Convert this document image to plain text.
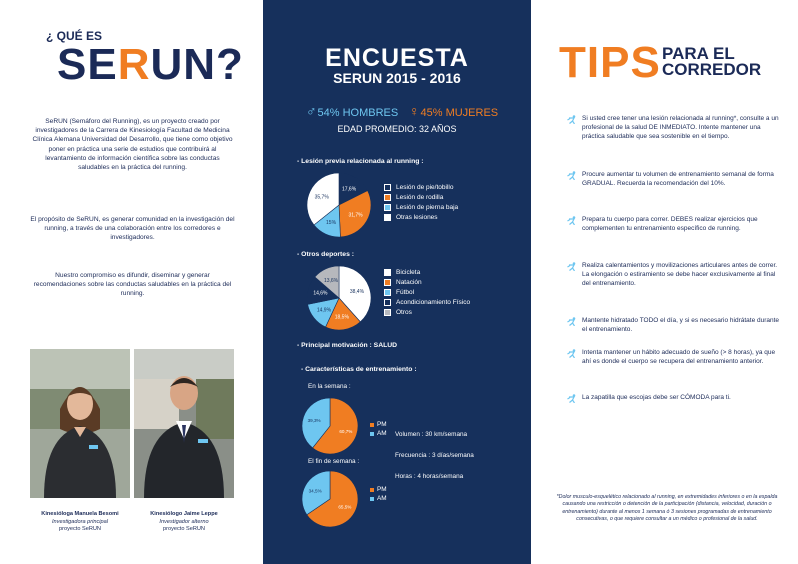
¿ QUÉ ES
SERUN?

SeRUN (Semáforo del Running), es un proyecto creado por investigadores de la Carrera de Kinesiología Facultad de Medicina Clínica Alemana Universidad del Desarrollo, que tiene como objetivo poner en práctica una serie de estudios que contribuirá al levantamiento de información científica sobre las conductas saludables en la práctica del running.

El propósito de SeRUN, es generar comunidad en la investigación del running, a través de una colaboración entre los corredores e investigadores.

Nuestro compromiso es difundir, diseminar y generar recomendaciones sobre las conductas saludables en la práctica del running.

Kinesióloga Manuela Besomi
Investigadora principal
proyecto SeRUN
Kinesiólogo Jaime Leppe
Investigador alterno
proyecto SeRUN
ENCUESTA
SERUN 2015 - 2016
♂54% HOMBRES ♀45% MUJERES
EDAD PROMEDIO: 32 AÑOS
- Lesión previa relacionada al running :
17,6%
31,7%
15%
35,7%
Lesión de pie/tobillo
Lesión de rodilla
Lesión de pierna baja
Otras lesiones
- Otros deportes :
38,4%
18,5%
14,9%
14,6%
13,6%
Bicicleta
Natación
Fútbol
Acondicionamiento Físico
Otros
- Principal motivación : SALUD
- Características de entrenamiento :
En la semana :
60,7%
39,3%
PM
AM Volumen : 30 km/semana
Frecuencia : 3 días/semana
Horas : 4 horas/semana
El fin de semana :
65,5%
34,5%	PM
AM
TIPS PARA EL
CORREDOR
Si usted cree tener una lesión relacionada al running*, consulte a un profesional de la salud DE INMEDIATO. Intente mantener una práctica saludable que sea sostenible en el tiempo.
Procure aumentar tu volumen de entrenamiento semanal de forma GRADUAL. Recuerda la recomendación del 10%.
Prepara tu cuerpo para correr. DEBES realizar ejercicios que complementen tu entrenamiento específico de running.
Realiza calentamientos y movilizaciones articulares antes de correr. La elongación o estiramiento se debe hacer exclusivamente al final del entrenamiento.
Mantente hidratado TODO el día, y si es necesario hidrátate durante el entrenamiento.
Intenta mantener un hábito adecuado de sueño (> 8 horas), ya que ahí es donde el cuerpo se recupera del entrenamiento anterior.
La zapatilla que escojas debe ser CÓMODA para ti.
*Dolor musculo-esquelético relacionado al running, en extremidades inferiores o en la espalda causando una restricción o detención de la participación (distancia, velocidad, duración o entrenamiento) durante al menos 1 semana ó 3 sesiones programadas de entrenamiento consecutivas, o que requiere consultar a un médico o profesional de la salud.
